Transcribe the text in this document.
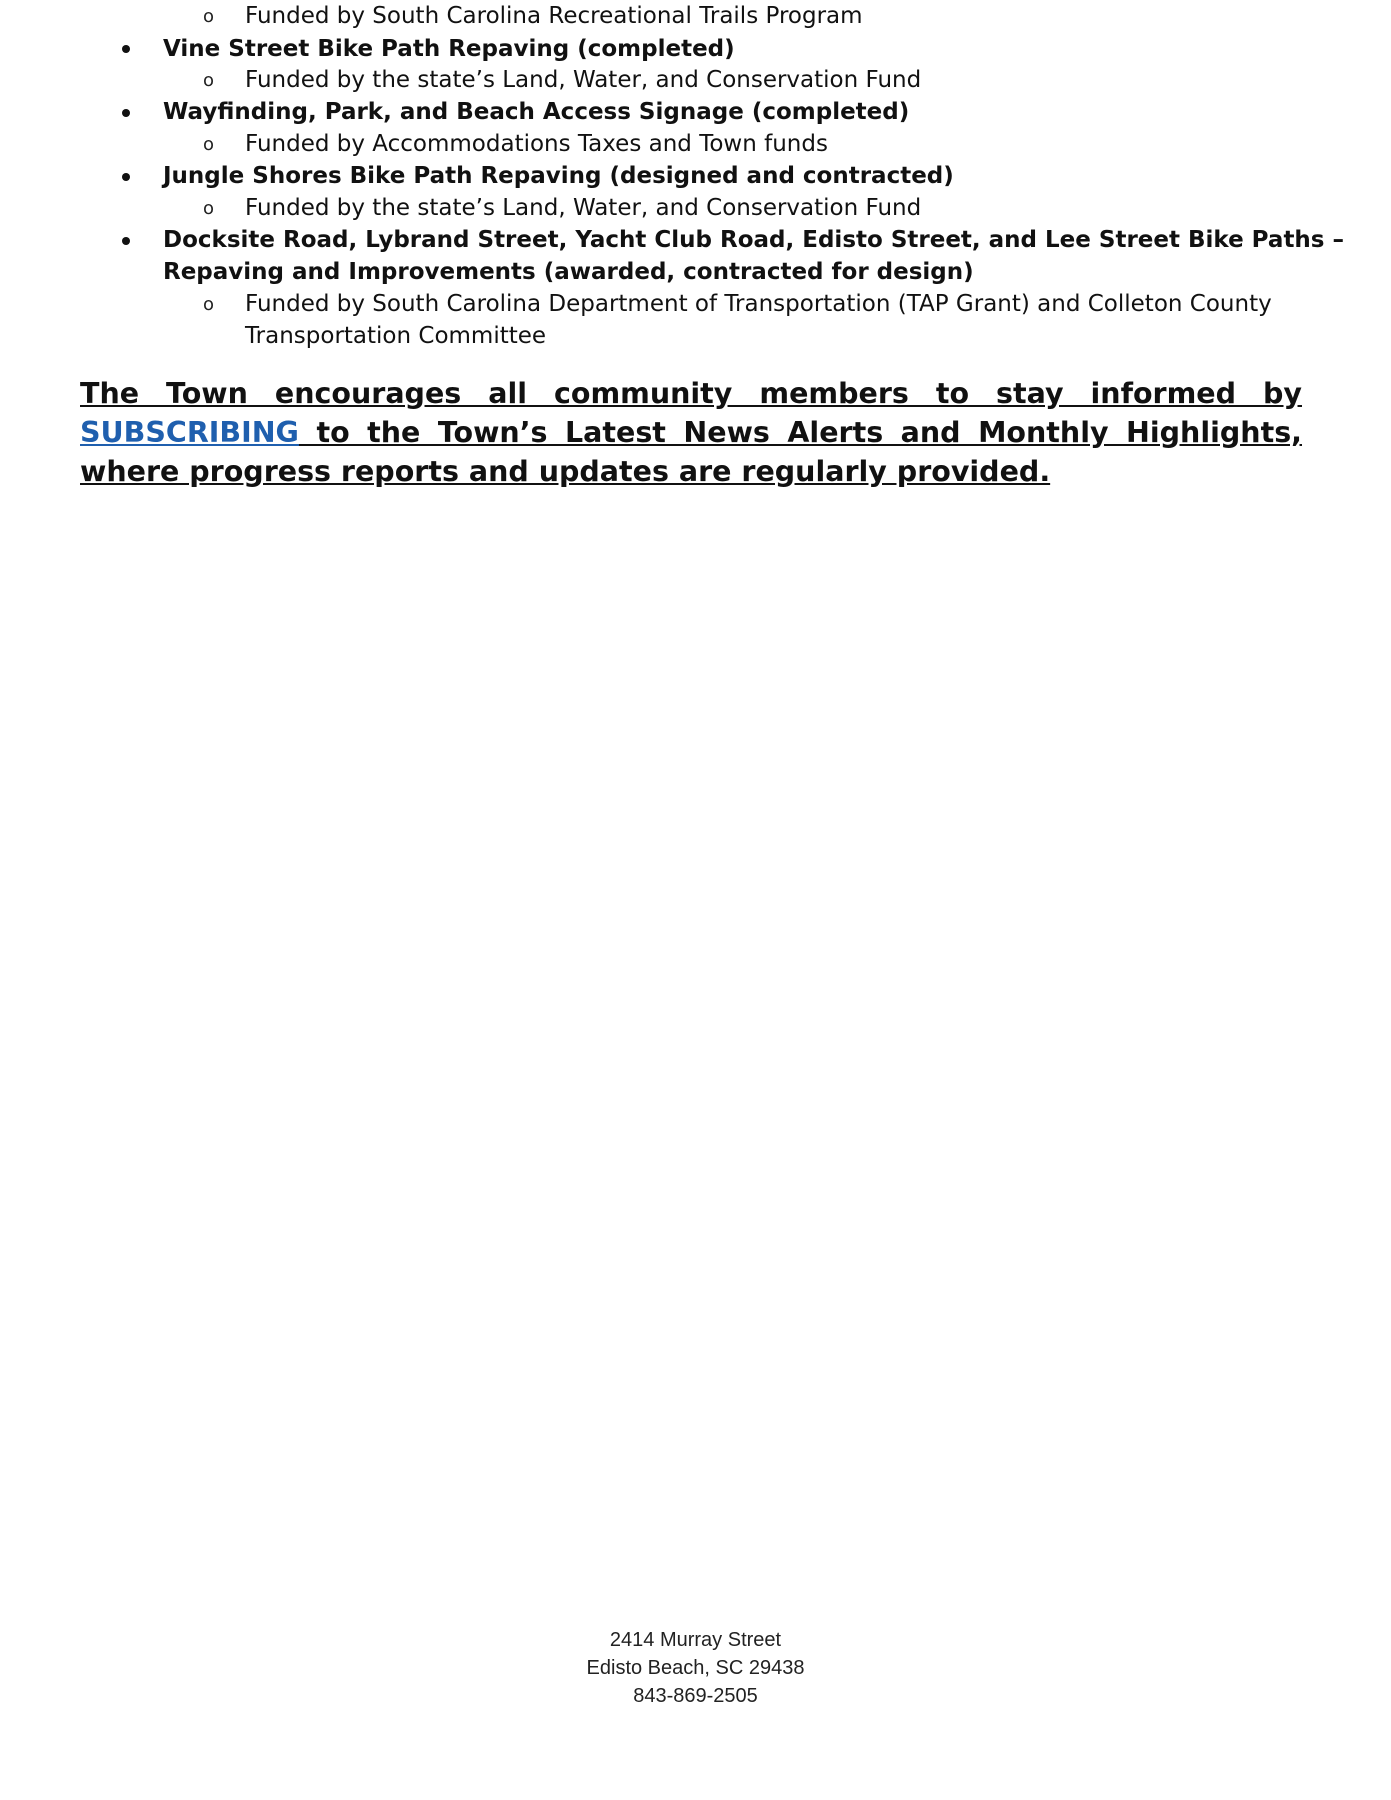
o Funded by South Carolina Recreational Trails Program
Vine Street Bike Path Repaving (completed)
o Funded by the state’s Land, Water, and Conservation Fund
Wayfinding, Park, and Beach Access Signage (completed)
o Funded by Accommodations Taxes and Town funds
Jungle Shores Bike Path Repaving (designed and contracted)
o Funded by the state’s Land, Water, and Conservation Fund
Docksite Road, Lybrand Street, Yacht Club Road, Edisto Street, and Lee Street Bike Paths –
Repaving and Improvements (awarded, contracted for design)
o Funded by South Carolina Department of Transportation (TAP Grant) and Colleton County
Transportation Committee

The Town encourages all community members to stay informed by SUBSCRIBING to the Town’s Latest News Alerts and Monthly Highlights, where progress reports and updates are regularly provided.

2414 Murray Street
Edisto Beach, SC 29438
843-869-2505
